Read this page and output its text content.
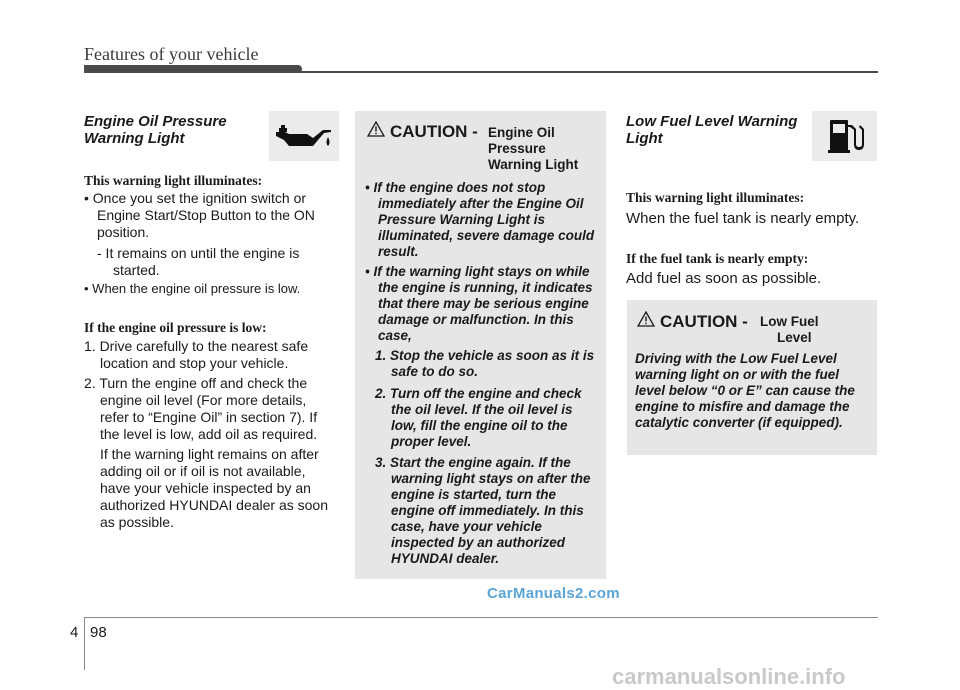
Features of your vehicle
Engine Oil Pressure
Warning Light
This warning light illuminates:
• Once you set the ignition switch or Engine Start/Stop Button to the ON position.
- It remains on until the engine is started.
• When the engine oil pressure is low.
If the engine oil pressure is low:
1. Drive carefully to the nearest safe location and stop your vehicle.
2. Turn the engine off and check the engine oil level (For more details, refer to “Engine Oil” in section 7). If the level is low, add oil as required.
If the warning light remains on after adding oil or if oil is not available, have your vehicle inspected by an authorized HYUNDAI dealer as soon as possible.
CAUTION - Engine Oil
Pressure
Warning Light
• If the engine does not stop immediately after the Engine Oil Pressure Warning Light is illuminated, severe damage could result.
• If the warning light stays on while the engine is running, it indicates that there may be serious engine damage or malfunction. In this case,
1. Stop the vehicle as soon as it is safe to do so.
2. Turn off the engine and check the oil level. If the oil level is low, fill the engine oil to the proper level.
3. Start the engine again. If the warning light stays on after the engine is started, turn the engine off immediately. In this case, have your vehicle inspected by an authorized HYUNDAI dealer.
Low Fuel Level Warning
Light
This warning light illuminates:
When the fuel tank is nearly empty.
If the fuel tank is nearly empty:
Add fuel as soon as possible.
CAUTION - Low Fuel
Level
Driving with the Low Fuel Level warning light on or with the fuel level below “0 or E” can cause the engine to misfire and damage the catalytic converter (if equipped).
CarManuals2.com
4 98
carmanualsonline.info
